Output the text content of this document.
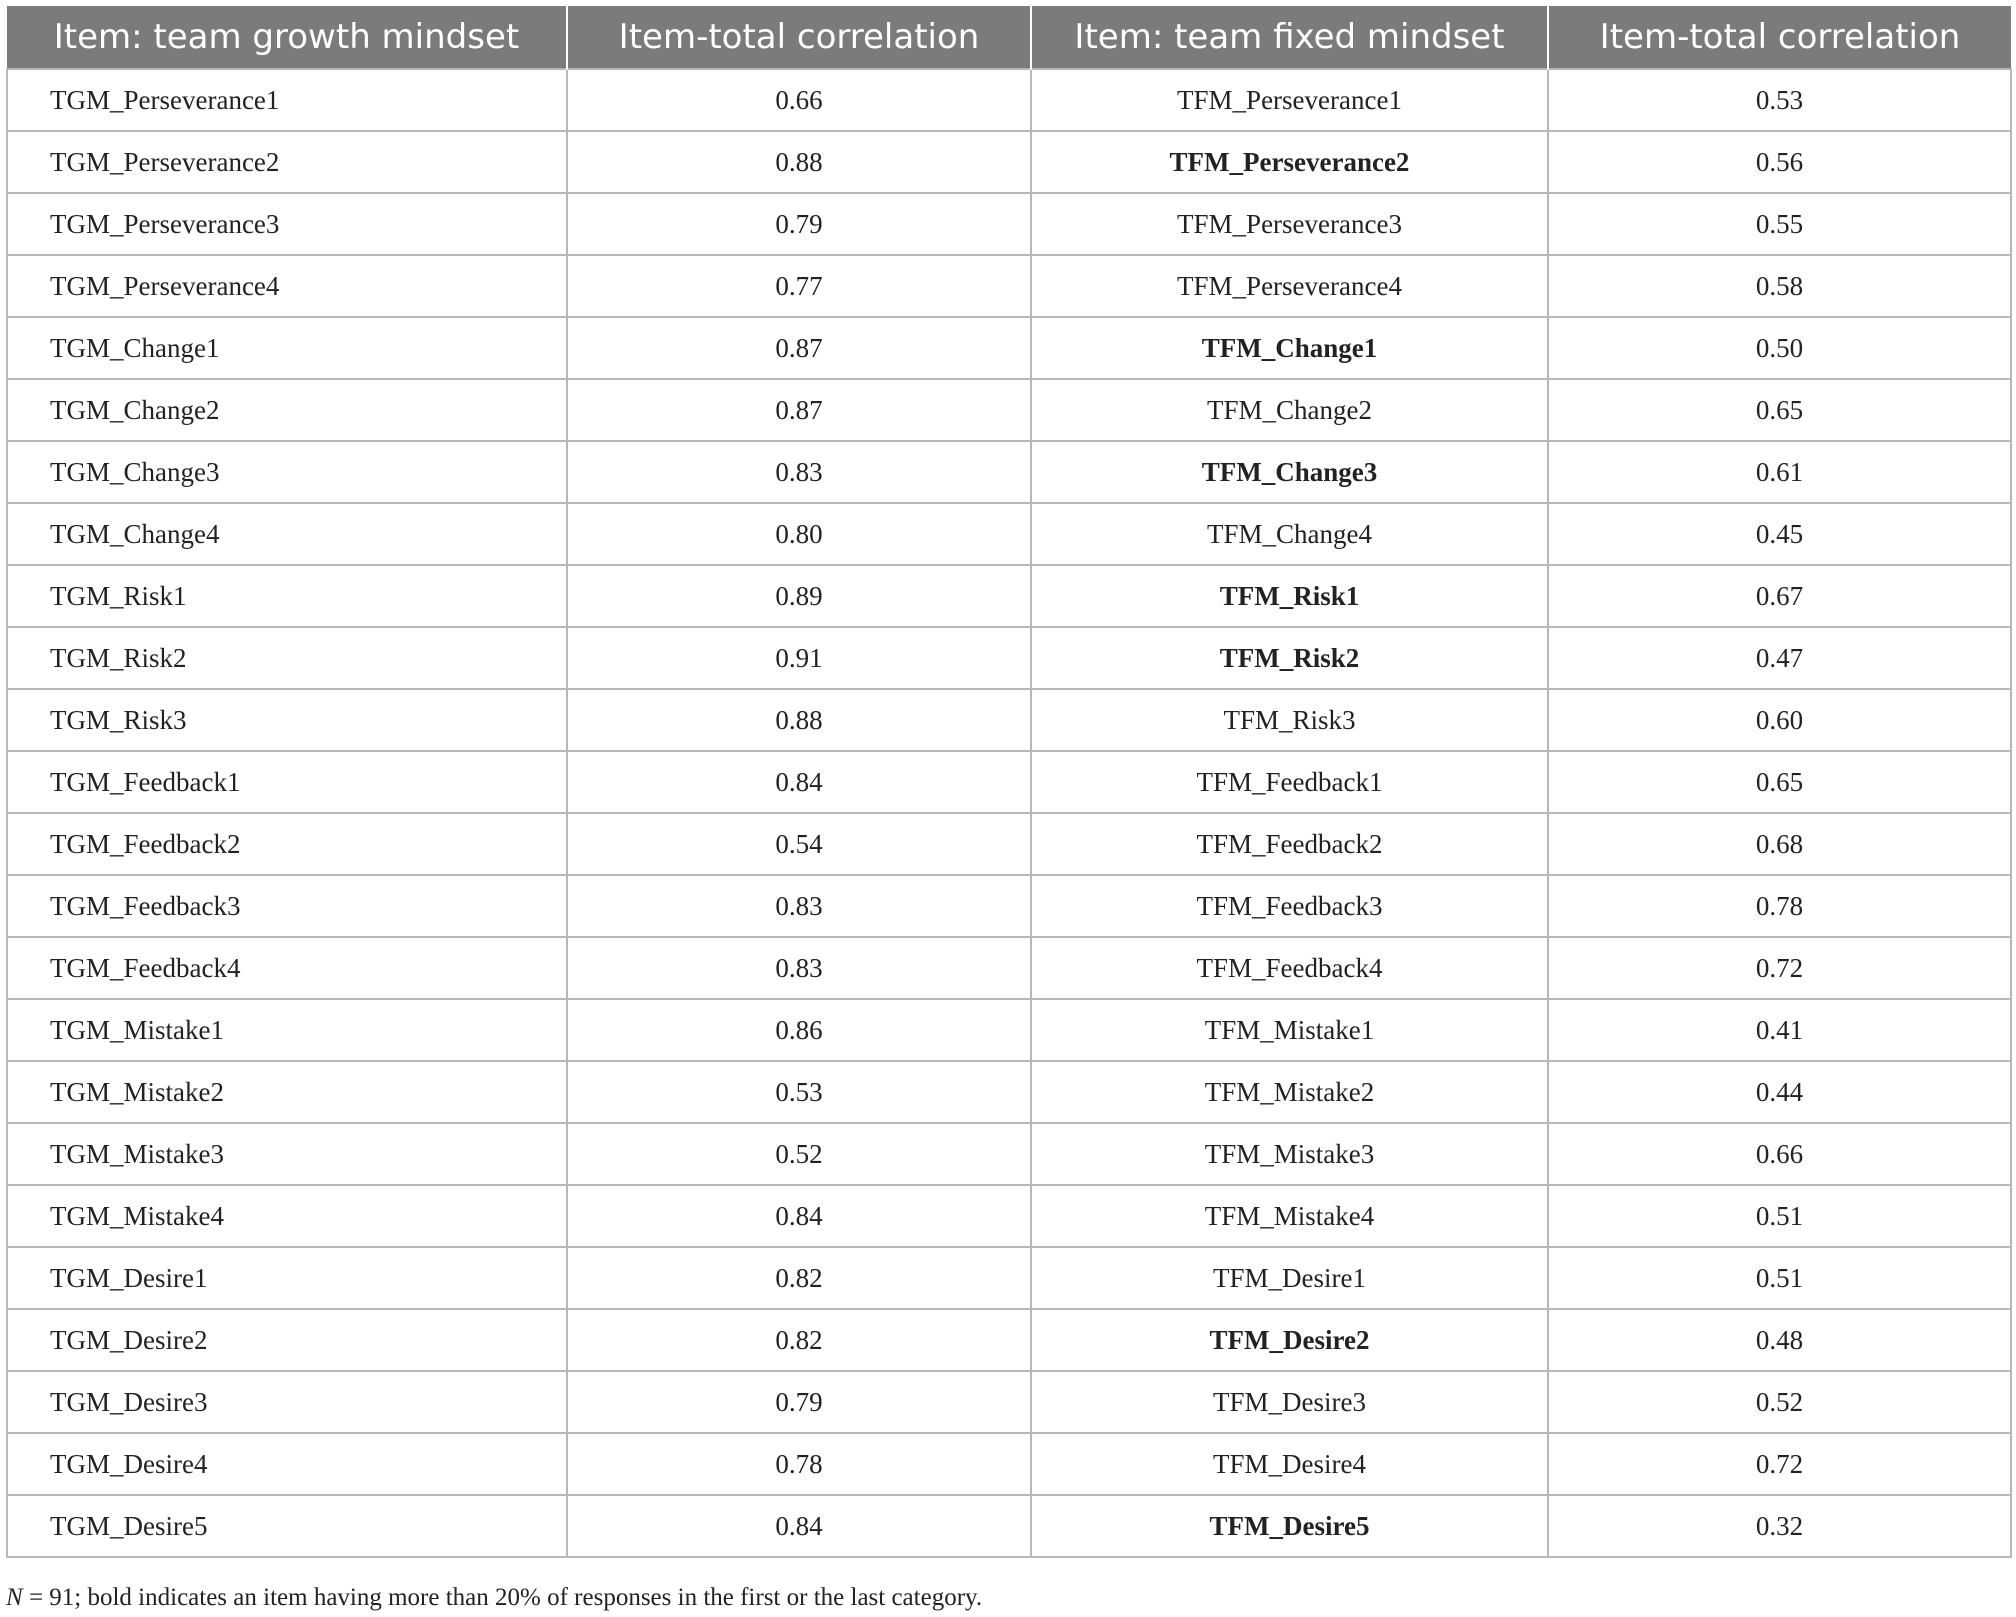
Item: team growth mindset	Item-total correlation	Item: team fixed mindset	Item-total correlation
TGM_Perseverance1	0.66	TFM_Perseverance1	0.53
TGM_Perseverance2	0.88	TFM_Perseverance2	0.56
TGM_Perseverance3	0.79	TFM_Perseverance3	0.55
TGM_Perseverance4	0.77	TFM_Perseverance4	0.58
TGM_Change1	0.87	TFM_Change1	0.50
TGM_Change2	0.87	TFM_Change2	0.65
TGM_Change3	0.83	TFM_Change3	0.61
TGM_Change4	0.80	TFM_Change4	0.45
TGM_Risk1	0.89	TFM_Risk1	0.67
TGM_Risk2	0.91	TFM_Risk2	0.47
TGM_Risk3	0.88	TFM_Risk3	0.60
TGM_Feedback1	0.84	TFM_Feedback1	0.65
TGM_Feedback2	0.54	TFM_Feedback2	0.68
TGM_Feedback3	0.83	TFM_Feedback3	0.78
TGM_Feedback4	0.83	TFM_Feedback4	0.72
TGM_Mistake1	0.86	TFM_Mistake1	0.41
TGM_Mistake2	0.53	TFM_Mistake2	0.44
TGM_Mistake3	0.52	TFM_Mistake3	0.66
TGM_Mistake4	0.84	TFM_Mistake4	0.51
TGM_Desire1	0.82	TFM_Desire1	0.51
TGM_Desire2	0.82	TFM_Desire2	0.48
TGM_Desire3	0.79	TFM_Desire3	0.52
TGM_Desire4	0.78	TFM_Desire4	0.72
TGM_Desire5	0.84	TFM_Desire5	0.32
N = 91; bold indicates an item having more than 20% of responses in the first or the last category.
